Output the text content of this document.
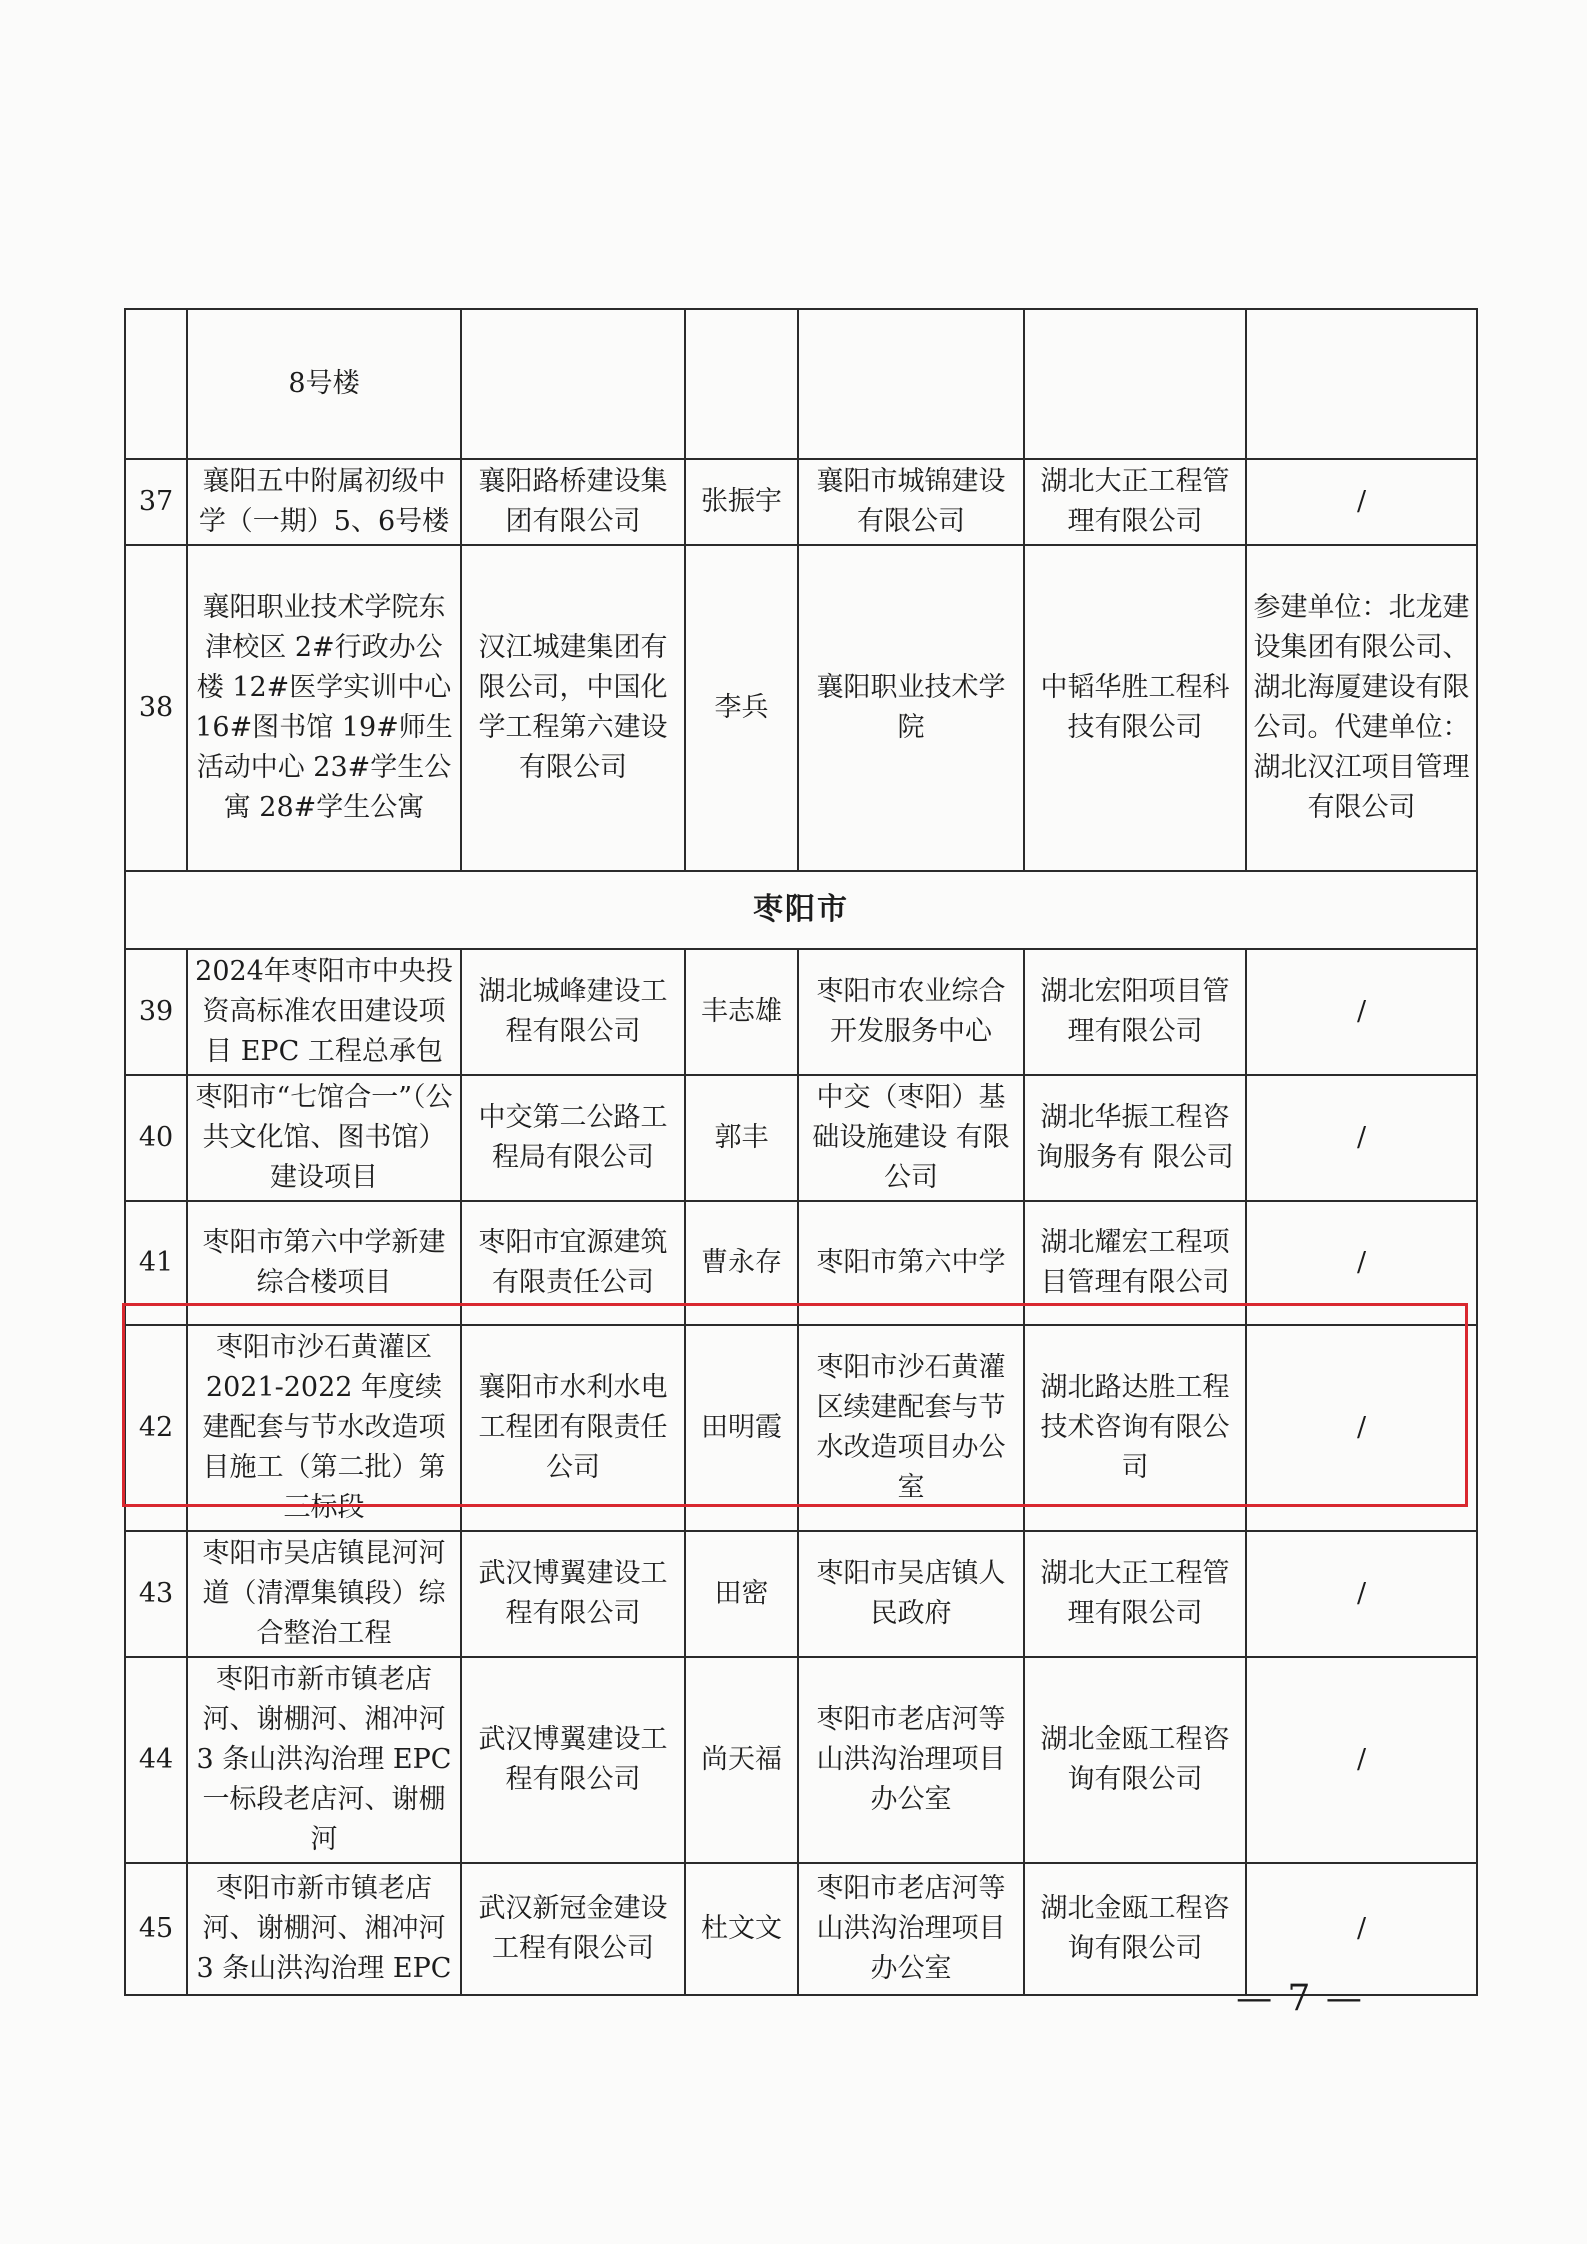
	8号楼					
37	襄阳五中附属初级中学（一期）5、6号楼	襄阳路桥建设集团有限公司	张振宇	襄阳市城锦建设有限公司	湖北大正工程管理有限公司	/
38	襄阳职业技术学院东津校区 2#行政办公楼 12#医学实训中心 16#图书馆 19#师生活动中心 23#学生公寓 28#学生公寓	汉江城建集团有限公司，中国化学工程第六建设有限公司	李兵	襄阳职业技术学院	中韬华胜工程科技有限公司	参建单位：北龙建设集团有限公司、湖北海厦建设有限公司。代建单位：湖北汉江项目管理有限公司
枣阳市						
39	2024年枣阳市中央投资高标准农田建设项目 EPC 工程总承包	湖北城峰建设工程有限公司	丰志雄	枣阳市农业综合开发服务中心	湖北宏阳项目管理有限公司	/
40	枣阳市“七馆合一”（公共文化馆、图书馆）建设项目	中交第二公路工程局有限公司	郭丰	中交（枣阳）基础设施建设 有限公司	湖北华振工程咨询服务有 限公司	/
41	枣阳市第六中学新建综合楼项目	枣阳市宜源建筑有限责任公司	曹永存	枣阳市第六中学	湖北耀宏工程项目管理有限公司	/
42	枣阳市沙石黄灌区 2021-2022 年度续建配套与节水改造项目施工（第二批）第三标段	襄阳市水利水电工程团有限责任公司	田明霞	枣阳市沙石黄灌区续建配套与节水改造项目办公室	湖北路达胜工程技术咨询有限公司	/
43	枣阳市吴店镇昆河河道（清潭集镇段）综合整治工程	武汉博翼建设工程有限公司	田密	枣阳市吴店镇人民政府	湖北大正工程管理有限公司	/
44	枣阳市新市镇老店河、谢棚河、湘冲河 3 条山洪沟治理 EPC 一标段老店河、谢棚河	武汉博翼建设工程有限公司	尚天福	枣阳市老店河等山洪沟治理项目办公室	湖北金瓯工程咨询有限公司	/
45	枣阳市新市镇老店河、谢棚河、湘冲河 3 条山洪沟治理 EPC	武汉新冠金建设工程有限公司	杜文文	枣阳市老店河等山洪沟治理项目办公室	湖北金瓯工程咨询有限公司	/
— 7 —
